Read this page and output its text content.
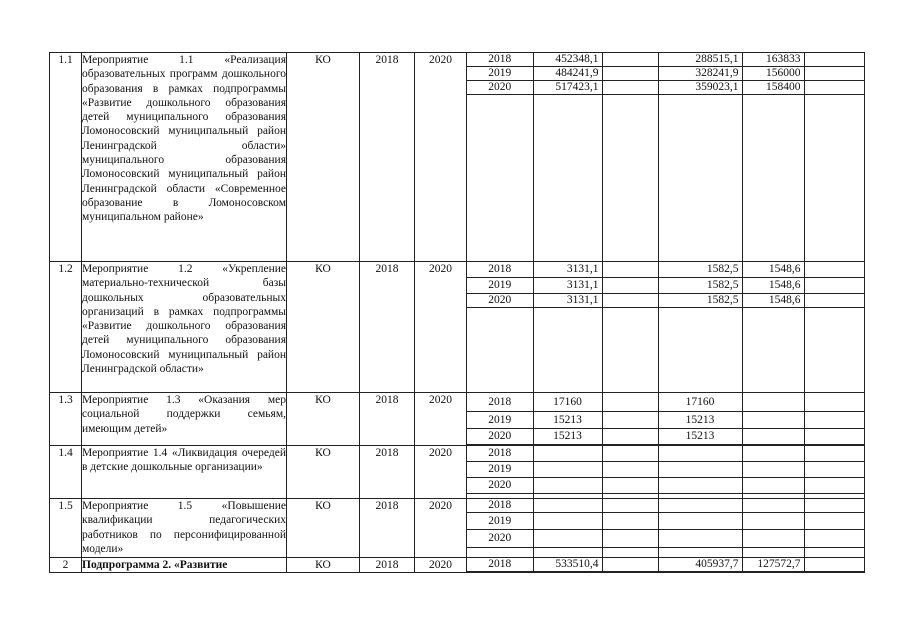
1.1	Мероприятие 1.1 «Реализация образовательных программ дошкольного образования в рамках подпрограммы «Развитие дошкольного образования детей муниципального образования Ломоносовский муниципальный район Ленинградской области» муниципального образования Ломоносовский муниципальный район Ленинградской области «Современное образование в Ломоносовском муниципальном районе»	КО	2018	2020		2018	452348,1		288515,1	163833	
2019	484241,9		328241,9	156000	
2020	517423,1		359023,1	158400	

1.2	Мероприятие 1.2 «Укрепление материально-технической базы дошкольных образовательных организаций в рамках подпрограммы «Развитие дошкольного образования детей муниципального образования Ломоносовский муниципальный район Ленинградской области»	КО	2018	2020		2018	3131,1		1582,5	1548,6	
2019	3131,1		1582,5	1548,6	
2020	3131,1		1582,5	1548,6	

1.3	Мероприятие 1.3 «Оказания мер социальной поддержки семьям, имеющим детей»	КО	2018	2020		2018	17160		17160		
2019	15213		15213		
2020	15213		15213		

1.4	Мероприятие 1.4 «Ликвидация очередей в детские дошкольные организации»	КО	2018	2020		2018					
2019					
2020					

1.5	Мероприятие 1.5 «Повышение квалификации педагогических работников по персонифицированной модели»	КО	2018	2020		2018					
2019					
2020					

2	Подпрограмма 2. «Развитие	КО	2018	2020		2018	533510,4		405937,7	127572,7	
